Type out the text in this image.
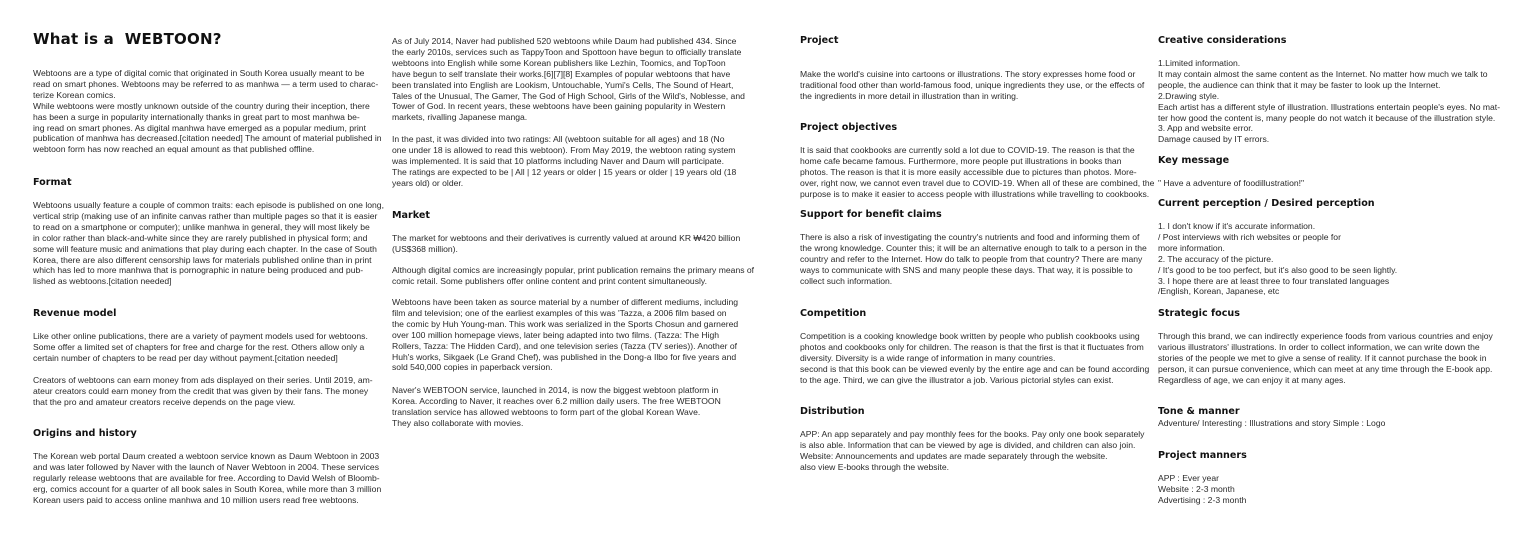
What is a  WEBTOON?

Webtoons are a type of digital comic that originated in South Korea usually meant to be
read on smart phones. Webtoons may be referred to as manhwa — a term used to charac-
terize Korean comics.
While webtoons were mostly unknown outside of the country during their inception, there
has been a surge in popularity internationally thanks in great part to most manhwa be-
ing read on smart phones. As digital manhwa have emerged as a popular medium, print
publication of manhwa has decreased.[citation needed] The amount of material published in
webtoon form has now reached an equal amount as that published offline.

Format

Webtoons usually feature a couple of common traits: each episode is published on one long,
vertical strip (making use of an infinite canvas rather than multiple pages so that it is easier
to read on a smartphone or computer); unlike manhwa in general, they will most likely be
in color rather than black-and-white since they are rarely published in physical form; and
some will feature music and animations that play during each chapter. In the case of South
Korea, there are also different censorship laws for materials published online than in print
which has led to more manhwa that is pornographic in nature being produced and pub-
lished as webtoons.[citation needed]

Revenue model

Like other online publications, there are a variety of payment models used for webtoons.
Some offer a limited set of chapters for free and charge for the rest. Others allow only a
certain number of chapters to be read per day without payment.[citation needed]

Creators of webtoons can earn money from ads displayed on their series. Until 2019, am-
ateur creators could earn money from the credit that was given by their fans. The money
that the pro and amateur creators receive depends on the page view.

Origins and history

The Korean web portal Daum created a webtoon service known as Daum Webtoon in 2003
and was later followed by Naver with the launch of Naver Webtoon in 2004. These services
regularly release webtoons that are available for free. According to David Welsh of Bloomb-
erg, comics account for a quarter of all book sales in South Korea, while more than 3 million
Korean users paid to access online manhwa and 10 million users read free webtoons.

As of July 2014, Naver had published 520 webtoons while Daum had published 434. Since
the early 2010s, services such as TappyToon and Spottoon have begun to officially translate
webtoons into English while some Korean publishers like Lezhin, Toomics, and TopToon
have begun to self translate their works.[6][7][8] Examples of popular webtoons that have
been translated into English are Lookism, Untouchable, Yumi's Cells, The Sound of Heart,
Tales of the Unusual, The Gamer, The God of High School, Girls of the Wild's, Noblesse, and
Tower of God. In recent years, these webtoons have been gaining popularity in Western
markets, rivalling Japanese manga.

In the past, it was divided into two ratings: All (webtoon suitable for all ages) and 18 (No
one under 18 is allowed to read this webtoon). From May 2019, the webtoon rating system
was implemented. It is said that 10 platforms including Naver and Daum will participate.
The ratings are expected to be | All | 12 years or older | 15 years or older | 19 years old (18
years old) or older.

Market

The market for webtoons and their derivatives is currently valued at around KR ₩420 billion
(US$368 million).

Although digital comics are increasingly popular, print publication remains the primary means of
comic retail. Some publishers offer online content and print content simultaneously.

Webtoons have been taken as source material by a number of different mediums, including
film and television; one of the earliest examples of this was 'Tazza, a 2006 film based on
the comic by Huh Young-man. This work was serialized in the Sports Chosun and garnered
over 100 million homepage views, later being adapted into two films. (Tazza: The High
Rollers, Tazza: The Hidden Card), and one television series (Tazza (TV series)). Another of
Huh's works, Sikgaek (Le Grand Chef), was published in the Dong-a Ilbo for five years and
sold 540,000 copies in paperback version.

Naver's WEBTOON service, launched in 2014, is now the biggest webtoon platform in
Korea. According to Naver, it reaches over 6.2 million daily users. The free WEBTOON
translation service has allowed webtoons to form part of the global Korean Wave.
They also collaborate with movies.

Project

Make the world's cuisine into cartoons or illustrations. The story expresses home food or
traditional food other than world-famous food, unique ingredients they use, or the effects of
the ingredients in more detail in illustration than in writing.

Project objectives

It is said that cookbooks are currently sold a lot due to COVID-19. The reason is that the
home cafe became famous. Furthermore, more people put illustrations in books than
photos. The reason is that it is more easily accessible due to pictures than photos. More-
over, right now, we cannot even travel due to COVID-19. When all of these are combined, the
purpose is to make it easier to access people with illustrations while travelling to cookbooks.

Support for benefit claims

There is also a risk of investigating the country's nutrients and food and informing them of
the wrong knowledge. Counter this; it will be an alternative enough to talk to a person in the
country and refer to the Internet. How do talk to people from that country? There are many
ways to communicate with SNS and many people these days. That way, it is possible to
collect such information.

Competition

Competition is a cooking knowledge book written by people who publish cookbooks using
photos and cookbooks only for children. The reason is that the first is that it fluctuates from
diversity. Diversity is a wide range of information in many countries.
second is that this book can be viewed evenly by the entire age and can be found according
to the age. Third, we can give the illustrator a job. Various pictorial styles can exist.

Distribution

APP: An app separately and pay monthly fees for the books. Pay only one book separately
is also able. Information that can be viewed by age is divided, and children can also join.
Website: Announcements and updates are made separately through the website.
also view E-books through the website.

Creative considerations

1.Limited information.
It may contain almost the same content as the Internet. No matter how much we talk to
people, the audience can think that it may be faster to look up the Internet.
2.Drawing style.
Each artist has a different style of illustration. Illustrations entertain people's eyes. No mat-
ter how good the content is, many people do not watch it because of the illustration style.
3. App and website error.
Damage caused by IT errors.

Key message

" Have a adventure of foodillustration!"

Current perception / Desired perception

1. I don't know if it's accurate information.
/ Post interviews with rich websites or people for
more information.
2. The accuracy of the picture.
/ It's good to be too perfect, but it's also good to be seen lightly.
3. I hope there are at least three to four translated languages
/English, Korean, Japanese, etc

Strategic focus

Through this brand, we can indirectly experience foods from various countries and enjoy
various illustrators' illustrations. In order to collect information, we can write down the
stories of the people we met to give a sense of reality. If it cannot purchase the book in
person, it can pursue convenience, which can meet at any time through the E-book app.
Regardless of age, we can enjoy it at many ages.

Tone & manner

Adventure/ Interesting : Illustrations and story Simple : Logo

Project manners

APP : Ever year
Website : 2-3 month
Advertising : 2-3 month
